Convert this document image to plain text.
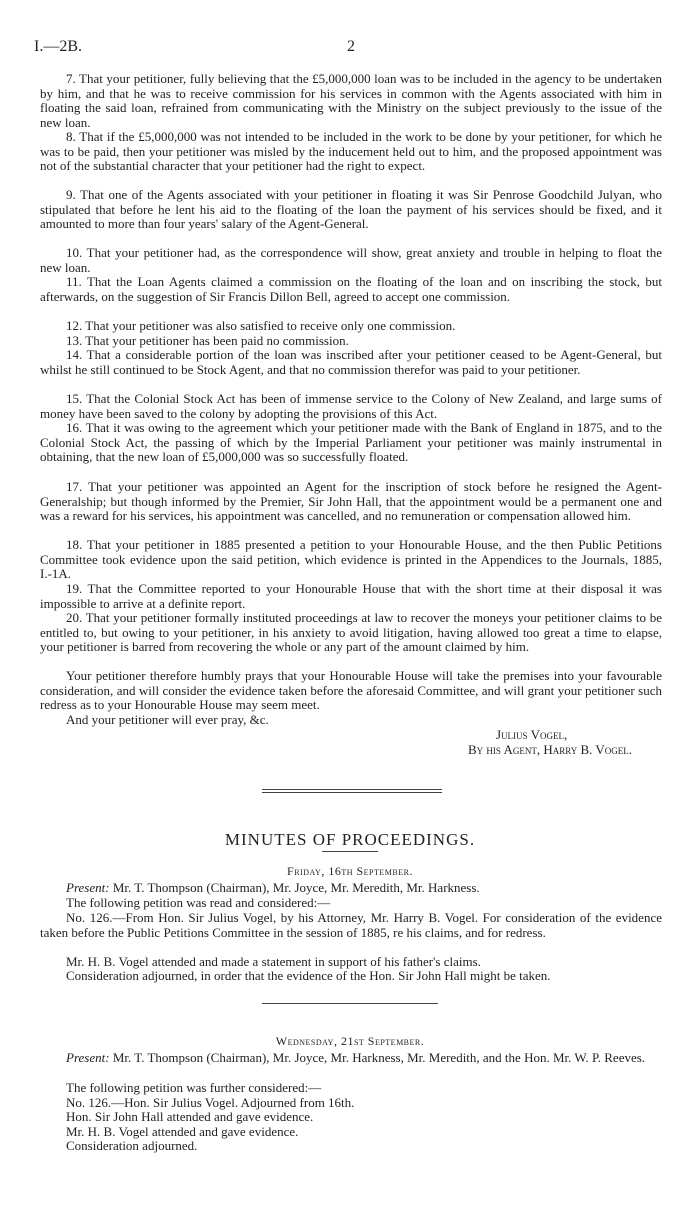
I.—2B.	2

7. That your petitioner, fully believing that the £5,000,000 loan was to be included in the agency to be undertaken by him, and that he was to receive commission for his services in common with the Agents associated with him in floating the said loan, refrained from communicating with the Ministry on the subject previously to the issue of the new loan.

8. That if the £5,000,000 was not intended to be included in the work to be done by your petitioner, for which he was to be paid, then your petitioner was misled by the inducement held out to him, and the proposed appointment was not of the substantial character that your petitioner had the right to expect.

9. That one of the Agents associated with your petitioner in floating it was Sir Penrose Goodchild Julyan, who stipulated that before he lent his aid to the floating of the loan the payment of his services should be fixed, and it amounted to more than four years' salary of the Agent-General.

10. That your petitioner had, as the correspondence will show, great anxiety and trouble in helping to float the new loan.

11. That the Loan Agents claimed a commission on the floating of the loan and on inscribing the stock, but afterwards, on the suggestion of Sir Francis Dillon Bell, agreed to accept one commission.

12. That your petitioner was also satisfied to receive only one commission.

13. That your petitioner has been paid no commission.

14. That a considerable portion of the loan was inscribed after your petitioner ceased to be Agent-General, but whilst he still continued to be Stock Agent, and that no commission therefor was paid to your petitioner.

15. That the Colonial Stock Act has been of immense service to the Colony of New Zealand, and large sums of money have been saved to the colony by adopting the provisions of this Act.

16. That it was owing to the agreement which your petitioner made with the Bank of England in 1875, and to the Colonial Stock Act, the passing of which by the Imperial Parliament your petitioner was mainly instrumental in obtaining, that the new loan of £5,000,000 was so successfully floated.

17. That your petitioner was appointed an Agent for the inscription of stock before he resigned the Agent-Generalship; but though informed by the Premier, Sir John Hall, that the appointment would be a permanent one and was a reward for his services, his appointment was cancelled, and no remuneration or compensation allowed him.

18. That your petitioner in 1885 presented a petition to your Honourable House, and the then Public Petitions Committee took evidence upon the said petition, which evidence is printed in the Appendices to the Journals, 1885, I.-1A.

19. That the Committee reported to your Honourable House that with the short time at their disposal it was impossible to arrive at a definite report.

20. That your petitioner formally instituted proceedings at law to recover the moneys your petitioner claims to be entitled to, but owing to your petitioner, in his anxiety to avoid litigation, having allowed too great a time to elapse, your petitioner is barred from recovering the whole or any part of the amount claimed by him.

Your petitioner therefore humbly prays that your Honourable House will take the premises into your favourable consideration, and will consider the evidence taken before the aforesaid Committee, and will grant your petitioner such redress as to your Honourable House may seem meet.

And your petitioner will ever pray, &c.

Julius Vogel,
By his Agent, Harry B. Vogel.
MINUTES OF PROCEEDINGS.
Friday, 16th September.

Present: Mr. T. Thompson (Chairman), Mr. Joyce, Mr. Meredith, Mr. Harkness.

The following petition was read and considered:—

No. 126.—From Hon. Sir Julius Vogel, by his Attorney, Mr. Harry B. Vogel. For consideration of the evidence taken before the Public Petitions Committee in the session of 1885, re his claims, and for redress.

Mr. H. B. Vogel attended and made a statement in support of his father's claims.

Consideration adjourned, in order that the evidence of the Hon. Sir John Hall might be taken.

Wednesday, 21st September.

Present: Mr. T. Thompson (Chairman), Mr. Joyce, Mr. Harkness, Mr. Meredith, and the Hon. Mr. W. P. Reeves.

The following petition was further considered:—

No. 126.—Hon. Sir Julius Vogel. Adjourned from 16th.

Hon. Sir John Hall attended and gave evidence.

Mr. H. B. Vogel attended and gave evidence.

Consideration adjourned.
